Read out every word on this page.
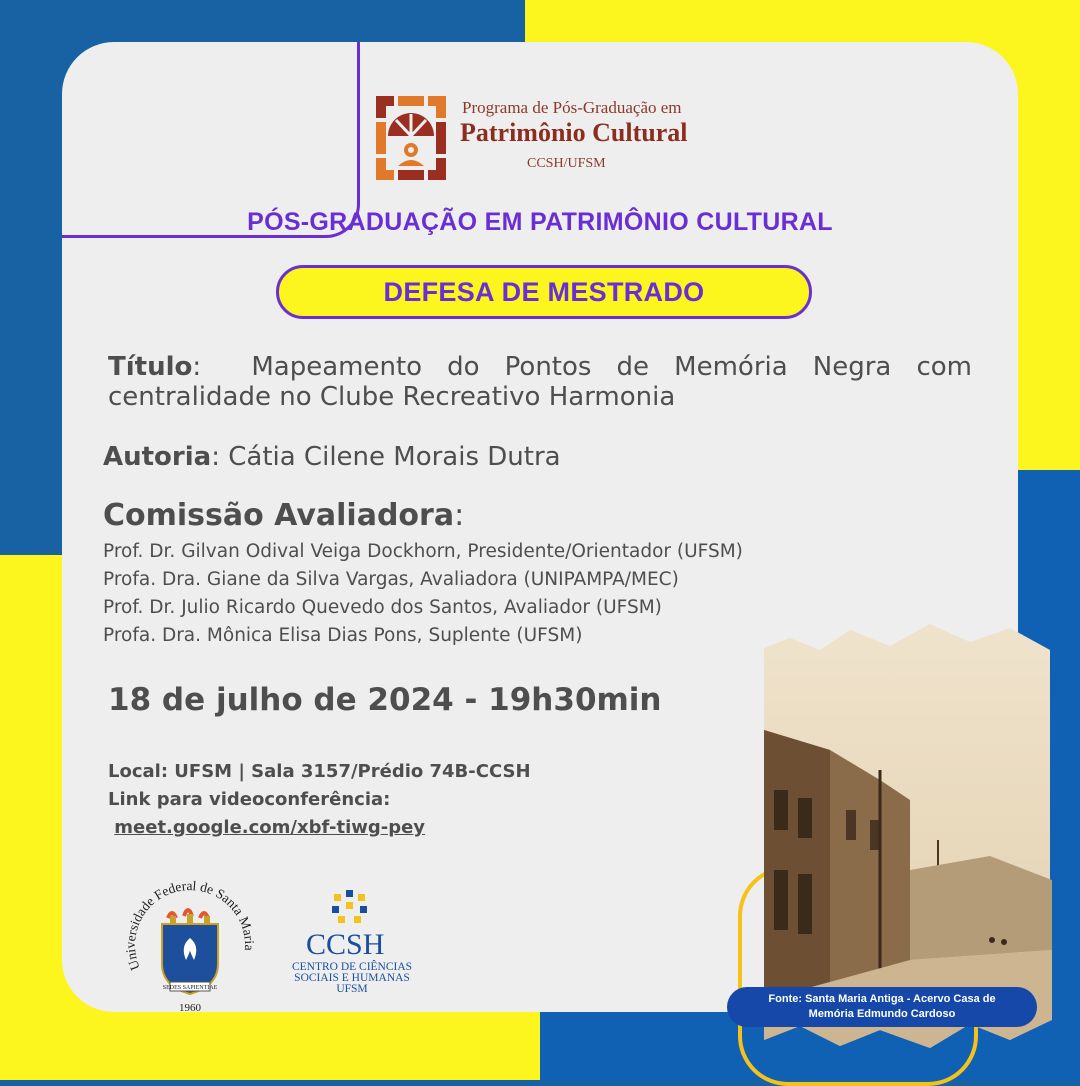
Programa de Pós-Graduação em
Patrimônio Cultural
CCSH/UFSM
PÓS-GRADUAÇÃO EM PATRIMÔNIO CULTURAL
DEFESA DE MESTRADO
Título:  Mapeamento do Pontos de Memória Negra com centralidade no Clube Recreativo Harmonia
Autoria: Cátia Cilene Morais Dutra
Comissão Avaliadora:
Prof. Dr. Gilvan Odival Veiga Dockhorn, Presidente/Orientador (UFSM)
Profa. Dra. Giane da Silva Vargas, Avaliadora (UNIPAMPA/MEC)
Prof. Dr. Julio Ricardo Quevedo dos Santos, Avaliador (UFSM)
Profa. Dra. Mônica Elisa Dias Pons, Suplente (UFSM)
18 de julho de 2024 - 19h30min
Local: UFSM | Sala 3157/Prédio 74B-CCSH
Link para videoconferência:
meet.google.com/xbf-tiwg-pey
Universidade Federal de Santa Maria
SEDES SAPIENTIAE
1960
CCSH
CENTRO DE CIÊNCIAS
SOCIAIS E HUMANAS
UFSM
Fonte: Santa Maria Antiga - Acervo Casa de
Memória Edmundo Cardoso
